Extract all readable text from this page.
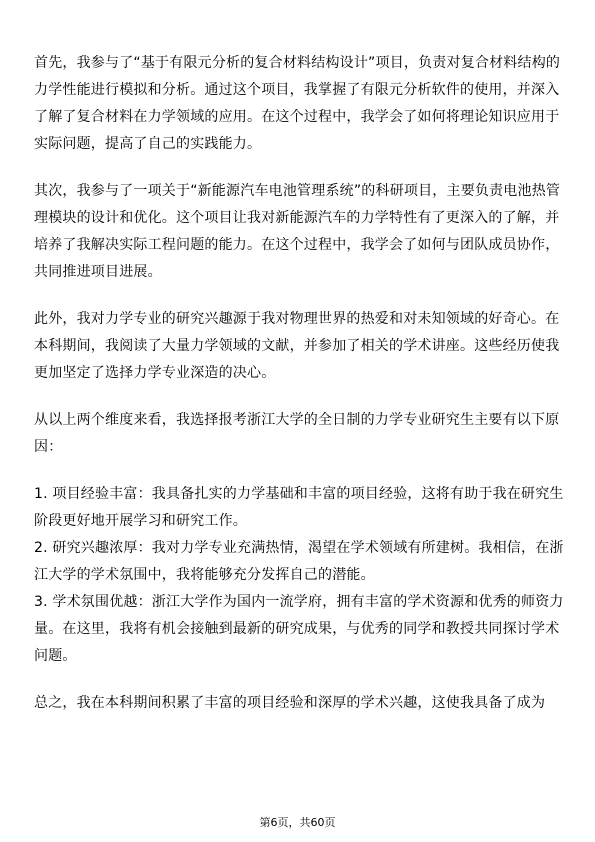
首先，我参与了“基于有限元分析的复合材料结构设计”项目，负责对复合材料结构的力学性能进行模拟和分析。通过这个项目，我掌握了有限元分析软件的使用，并深入了解了复合材料在力学领域的应用。在这个过程中，我学会了如何将理论知识应用于实际问题，提高了自己的实践能力。

其次，我参与了一项关于“新能源汽车电池管理系统”的科研项目，主要负责电池热管理模块的设计和优化。这个项目让我对新能源汽车的力学特性有了更深入的了解，并培养了我解决实际工程问题的能力。在这个过程中，我学会了如何与团队成员协作，共同推进项目进展。

此外，我对力学专业的研究兴趣源于我对物理世界的热爱和对未知领域的好奇心。在本科期间，我阅读了大量力学领域的文献，并参加了相关的学术讲座。这些经历使我更加坚定了选择力学专业深造的决心。

从以上两个维度来看，我选择报考浙江大学的全日制的力学专业研究生主要有以下原因：

1. 项目经验丰富：我具备扎实的力学基础和丰富的项目经验，这将有助于我在研究生阶段更好地开展学习和研究工作。
2. 研究兴趣浓厚：我对力学专业充满热情，渴望在学术领域有所建树。我相信，在浙江大学的学术氛围中，我将能够充分发挥自己的潜能。
3. 学术氛围优越：浙江大学作为国内一流学府，拥有丰富的学术资源和优秀的师资力量。在这里，我将有机会接触到最新的研究成果，与优秀的同学和教授共同探讨学术问题。

总之，我在本科期间积累了丰富的项目经验和深厚的学术兴趣，这使我具备了成为

第6页，共60页
